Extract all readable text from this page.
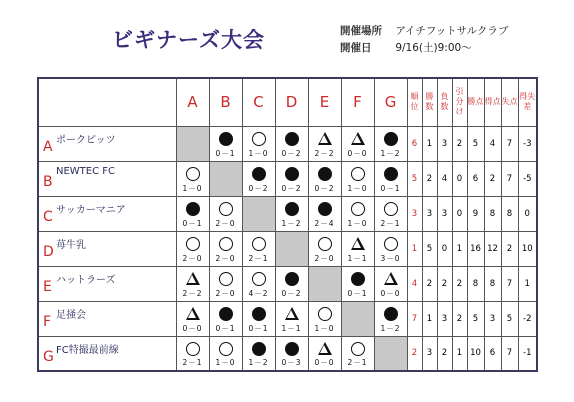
ビギナーズ大会	開催場所 アイチフットサルクラブ
開催日 9/16(土)9:00〜
	A	B	C	D	E	F	G	順位	勝数	負数	引分け	勝点	得点	失点	得失差

A ポークピッツ		0－1	1－0	0－2	2－2	0－0	1－2	6	1	3	2	5	4	7	-3

B
NEWTEC FC	1－0		0－2	0－2	0－2	1－0	0－1	5	2	4	0	6	2	7	-5

C サッカーマニア	0－1	2－0		1－2	2－4	1－0	2－1	3	3	3	0	9	8	8	0

D 苺牛乳	2－0	2－0	2－1		2－0	1－1	3－0	1	5	0	1	16	12	2	10

E ハットラーズ	2－2	2－0	4－2	0－2		0－1	0－0	4	2	2	2	8	8	7	1

F 足掻会	0－0	0－1	0－1	1－1	1－0		1－2	7	1	3	2	5	3	5	-2

G FC特撮最前線	2－1	1－0	1－2	0－3	0－0	2－1		2	3	2	1	10	6	7	-1
